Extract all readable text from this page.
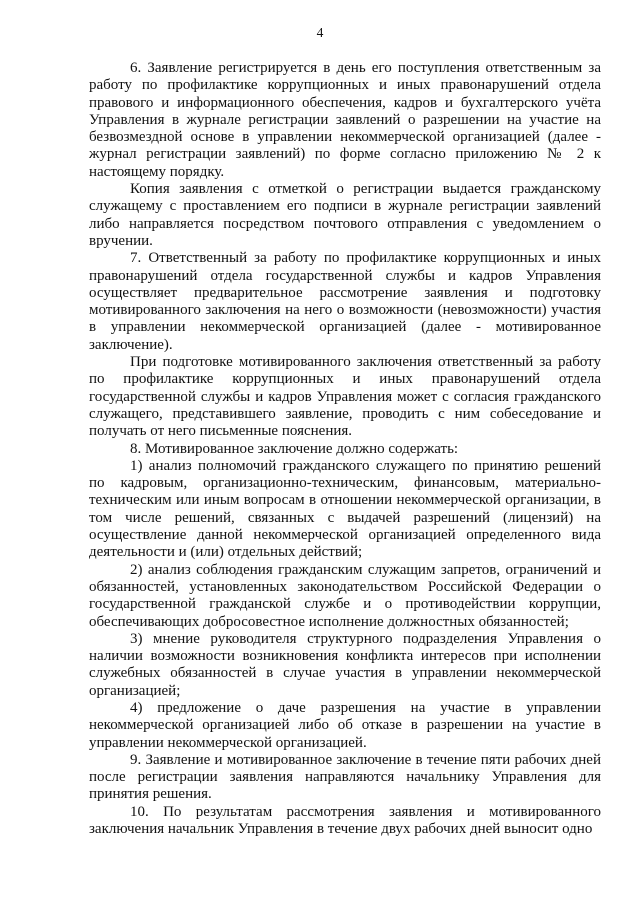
4

6. Заявление регистрируется в день его поступления ответственным за работу по профилактике коррупционных и иных правонарушений отдела правового и информационного обеспечения, кадров и бухгалтерского учёта Управления в журнале регистрации заявлений о разрешении на участие на безвозмездной основе в управлении некоммерческой организацией (далее - журнал регистрации заявлений) по форме согласно приложению № 2 к настоящему порядку.

Копия заявления с отметкой о регистрации выдается гражданскому служащему с проставлением его подписи в журнале регистрации заявлений либо направляется посредством почтового отправления с уведомлением о вручении.

7. Ответственный за работу по профилактике коррупционных и иных правонарушений отдела государственной службы и кадров Управления осуществляет предварительное рассмотрение заявления и подготовку мотивированного заключения на него о возможности (невозможности) участия в управлении некоммерческой организацией (далее - мотивированное заключение).

При подготовке мотивированного заключения ответственный за работу по профилактике коррупционных и иных правонарушений отдела государственной службы и кадров Управления может с согласия гражданского служащего, представившего заявление, проводить с ним собеседование и получать от него письменные пояснения.

8. Мотивированное заключение должно содержать:

1) анализ полномочий гражданского служащего по принятию решений по кадровым, организационно-техническим, финансовым, материально-техническим или иным вопросам в отношении некоммерческой организации, в том числе решений, связанных с выдачей разрешений (лицензий) на осуществление данной некоммерческой организацией определенного вида деятельности и (или) отдельных действий;

2) анализ соблюдения гражданским служащим запретов, ограничений и обязанностей, установленных законодательством Российской Федерации о государственной гражданской службе и о противодействии коррупции, обеспечивающих добросовестное исполнение должностных обязанностей;

3) мнение руководителя структурного подразделения Управления о наличии возможности возникновения конфликта интересов при исполнении служебных обязанностей в случае участия в управлении некоммерческой организацией;

4) предложение о даче разрешения на участие в управлении некоммерческой организацией либо об отказе в разрешении на участие в управлении некоммерческой организацией.

9. Заявление и мотивированное заключение в течение пяти рабочих дней после регистрации заявления направляются начальнику Управления для принятия решения.

10. По результатам рассмотрения заявления и мотивированного заключения начальник Управления в течение двух рабочих дней выносит одно
